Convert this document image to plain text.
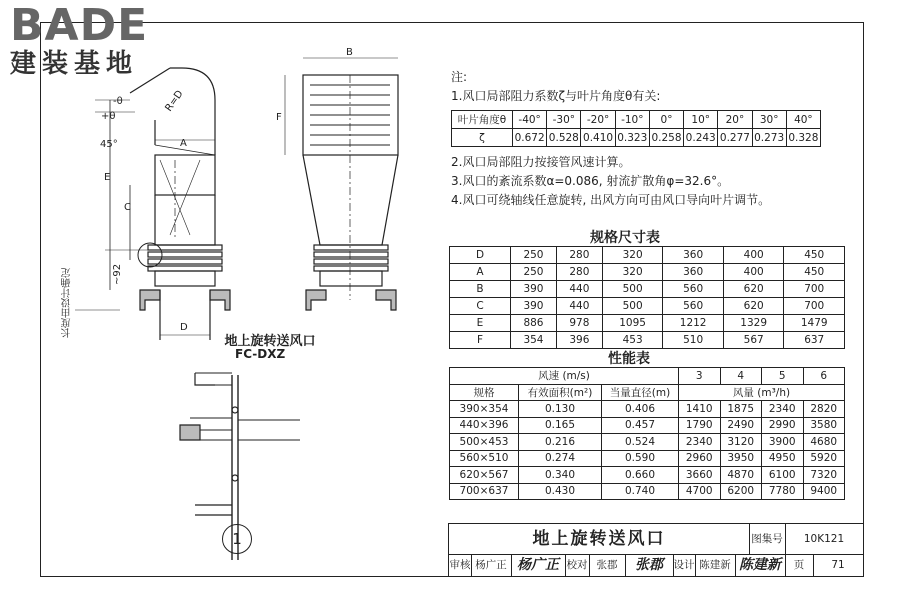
BADE
建装基地
-θ
+θ
R=D
A
45°
E
C
D
B
F
~92
长度由设计确定
地上旋转送风口
FC-DXZ
1

注:

1.风口局部阻力系数ζ与叶片角度θ有关:

2.风口局部阻力按接管风速计算。

3.风口的紊流系数α=0.086, 射流扩散角φ=32.6°。

4.风口可绕轴线任意旋转, 出风方向可由风口导向叶片调节。

叶片角度θ	-40°	-30°	-20°	-10°	0°	10°	20°	30°	40°
ζ	0.672	0.528	0.410	0.323	0.258	0.243	0.277	0.273	0.328
规格尺寸表
D	250	280	320	360	400	450
A	250	280	320	360	400	450
B	390	440	500	560	620	700
C	390	440	500	560	620	700
E	886	978	1095	1212	1329	1479
F	354	396	453	510	567	637
性能表
风速 (m/s)			3	4	5	6
规格	有效面积(m²)	当量直径(m)	风量 (m³/h)			
390×354	0.130	0.406	1410	1875	2340	2820
440×396	0.165	0.457	1790	2490	2990	3580
500×453	0.216	0.524	2340	3120	3900	4680
560×510	0.274	0.590	2960	3950	4950	5920
620×567	0.340	0.660	3660	4870	6100	7320
700×637	0.430	0.740	4700	6200	7780	9400
地上旋转送风口	图集号	10K121
审核 杨广正 杨广正 校对 张郡	张郡	设计 陈建新 陈建新	页	71
